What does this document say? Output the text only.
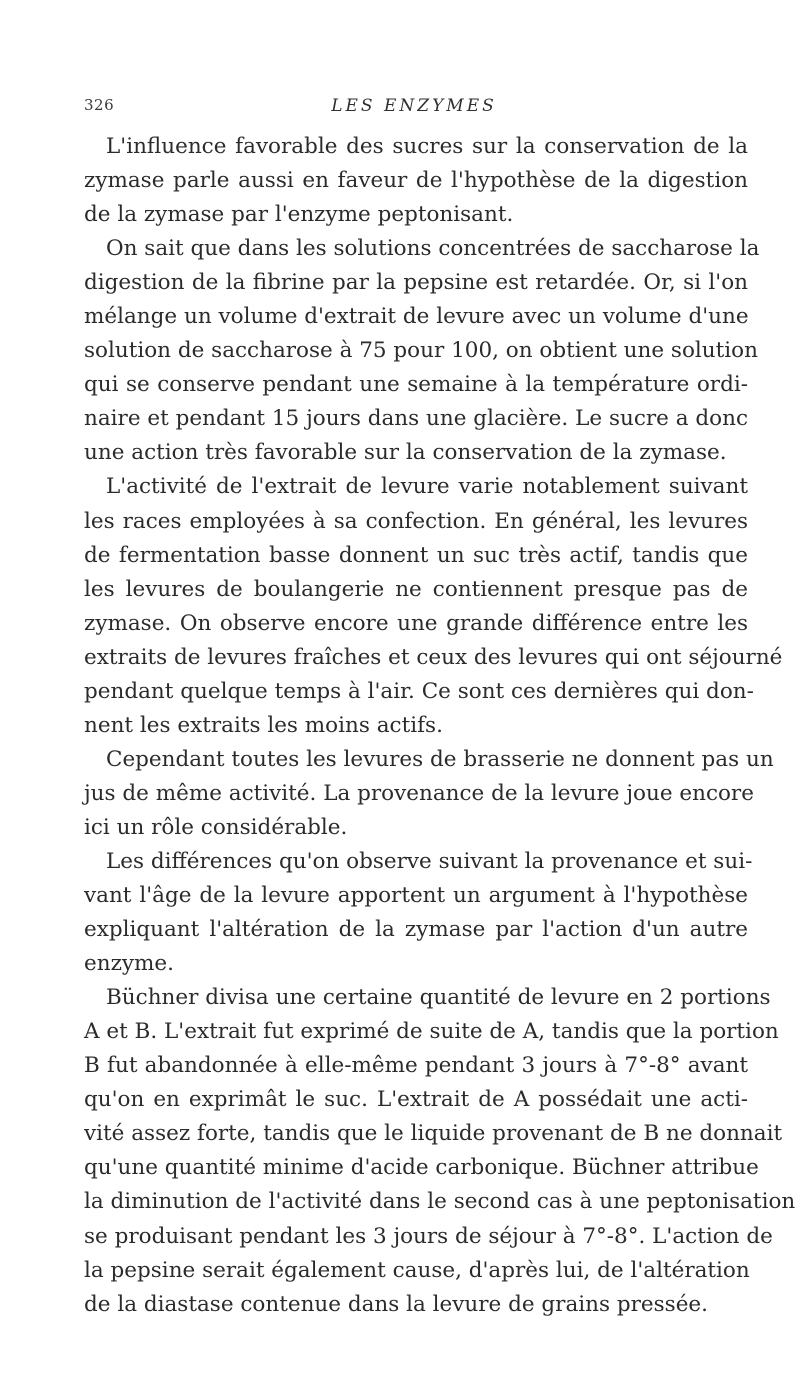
326	LES ENZYMES
L'influence favorable des sucres sur la conservation de la
zymase parle aussi en faveur de l'hypothèse de la digestion
de la zymase par l'enzyme peptonisant.
On sait que dans les solutions concentrées de saccharose la
digestion de la fibrine par la pepsine est retardée. Or, si l'on
mélange un volume d'extrait de levure avec un volume d'une
solution de saccharose à 75 pour 100, on obtient une solution
qui se conserve pendant une semaine à la température ordi-
naire et pendant 15 jours dans une glacière. Le sucre a donc
une action très favorable sur la conservation de la zymase.
L'activité de l'extrait de levure varie notablement suivant
les races employées à sa confection. En général, les levures
de fermentation basse donnent un suc très actif, tandis que
les levures de boulangerie ne contiennent presque pas de
zymase. On observe encore une grande différence entre les
extraits de levures fraîches et ceux des levures qui ont séjourné
pendant quelque temps à l'air. Ce sont ces dernières qui don-
nent les extraits les moins actifs.
Cependant toutes les levures de brasserie ne donnent pas un
jus de même activité. La provenance de la levure joue encore
ici un rôle considérable.
Les différences qu'on observe suivant la provenance et sui-
vant l'âge de la levure apportent un argument à l'hypothèse
expliquant l'altération de la zymase par l'action d'un autre
enzyme.
Büchner divisa une certaine quantité de levure en 2 portions
A et B. L'extrait fut exprimé de suite de A, tandis que la portion
B fut abandonnée à elle-même pendant 3 jours à 7°-8° avant
qu'on en exprimât le suc. L'extrait de A possédait une acti-
vité assez forte, tandis que le liquide provenant de B ne donnait
qu'une quantité minime d'acide carbonique. Büchner attribue
la diminution de l'activité dans le second cas à une peptonisation
se produisant pendant les 3 jours de séjour à 7°-8°. L'action de
la pepsine serait également cause, d'après lui, de l'altération
de la diastase contenue dans la levure de grains pressée.
